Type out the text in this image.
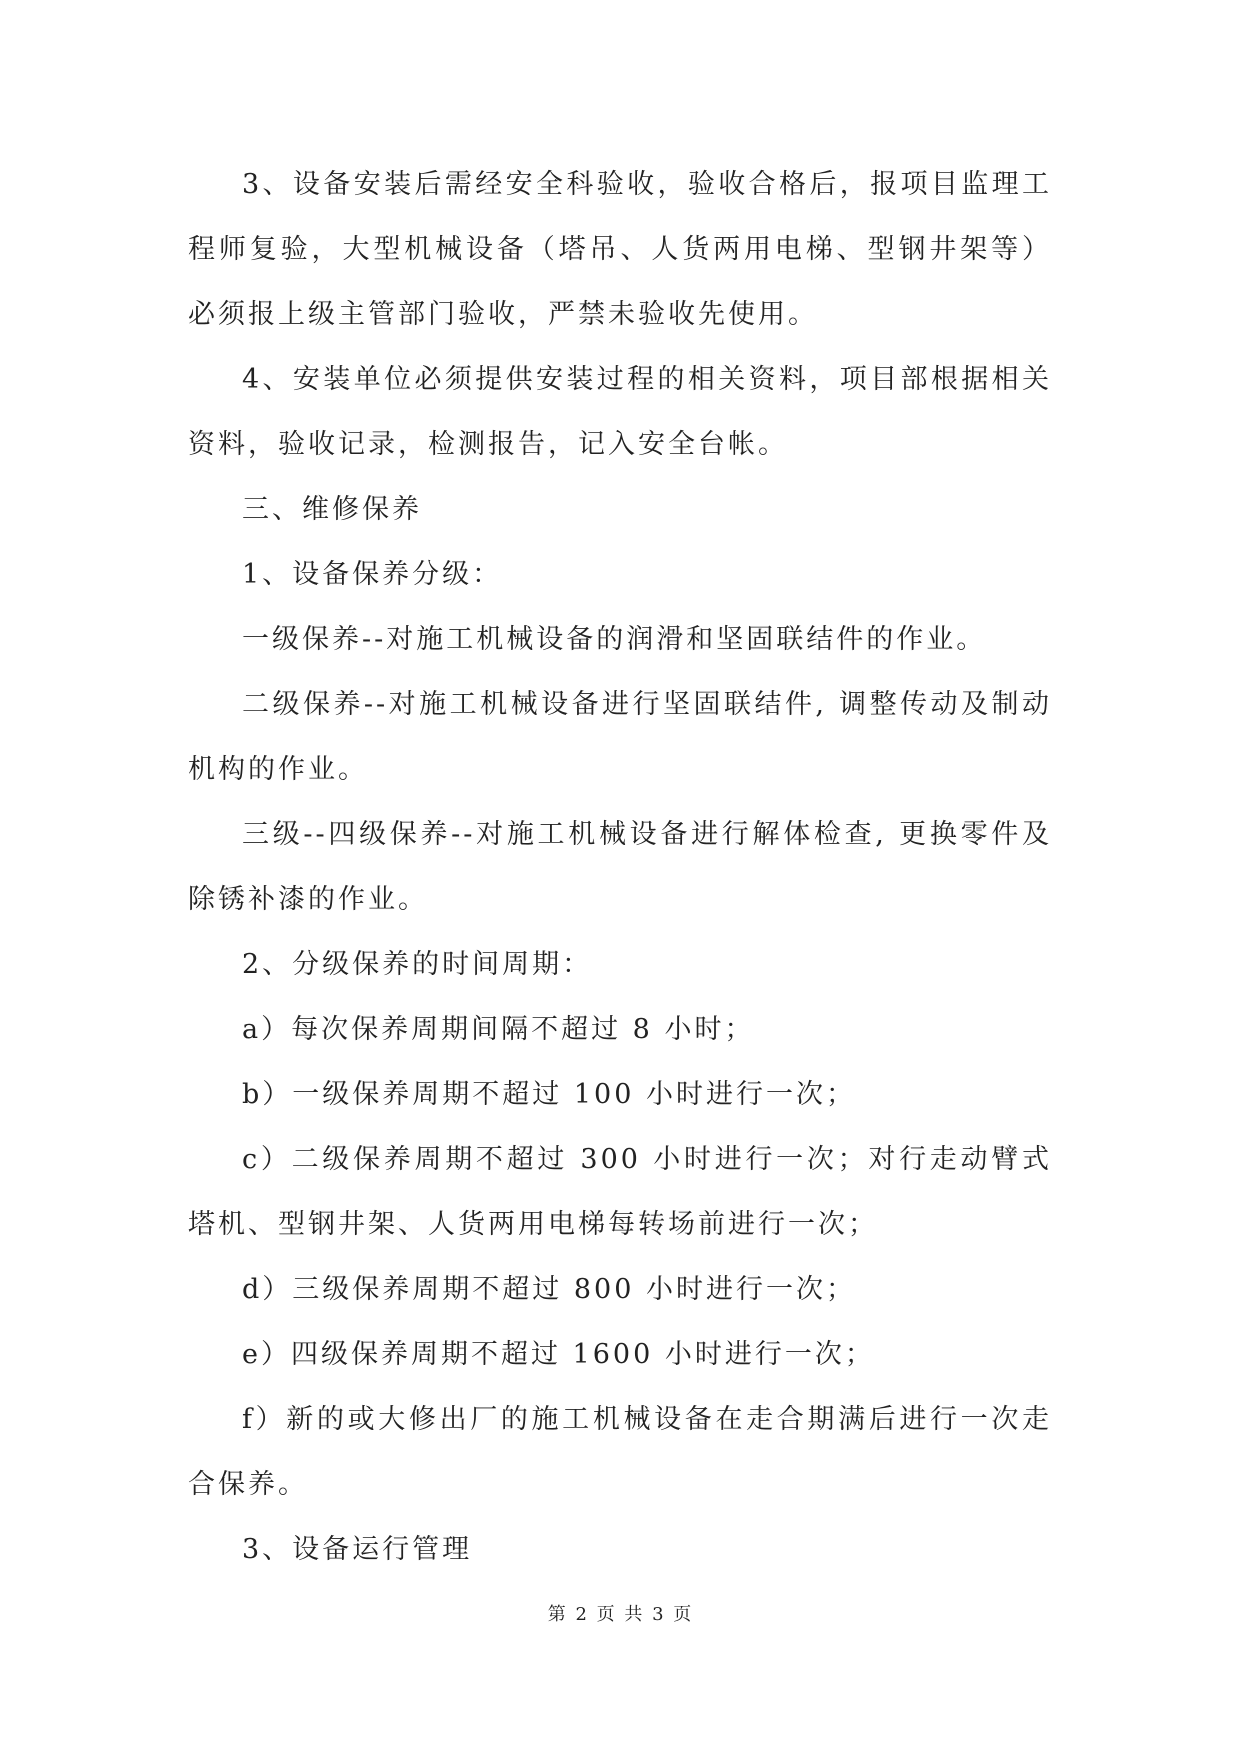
3、设备安装后需经安全科验收，验收合格后，报项目监理工程师复验，大型机械设备（塔吊、人货两用电梯、型钢井架等）必须报上级主管部门验收，严禁未验收先使用。

4、安装单位必须提供安装过程的相关资料，项目部根据相关资料，验收记录，检测报告，记入安全台帐。

三、维修保养

1、设备保养分级：

一级保养--对施工机械设备的润滑和坚固联结件的作业。

二级保养--对施工机械设备进行坚固联结件, 调整传动及制动机构的作业。

三级--四级保养--对施工机械设备进行解体检查, 更换零件及除锈补漆的作业。

2、分级保养的时间周期：

a）每次保养周期间隔不超过 8 小时；

b）一级保养周期不超过 100 小时进行一次；

c）二级保养周期不超过 300 小时进行一次；对行走动臂式塔机、型钢井架、人货两用电梯每转场前进行一次；

d）三级保养周期不超过 800 小时进行一次；

e）四级保养周期不超过 1600 小时进行一次；

f）新的或大修出厂的施工机械设备在走合期满后进行一次走合保养。

3、设备运行管理

第 2 页 共 3 页
